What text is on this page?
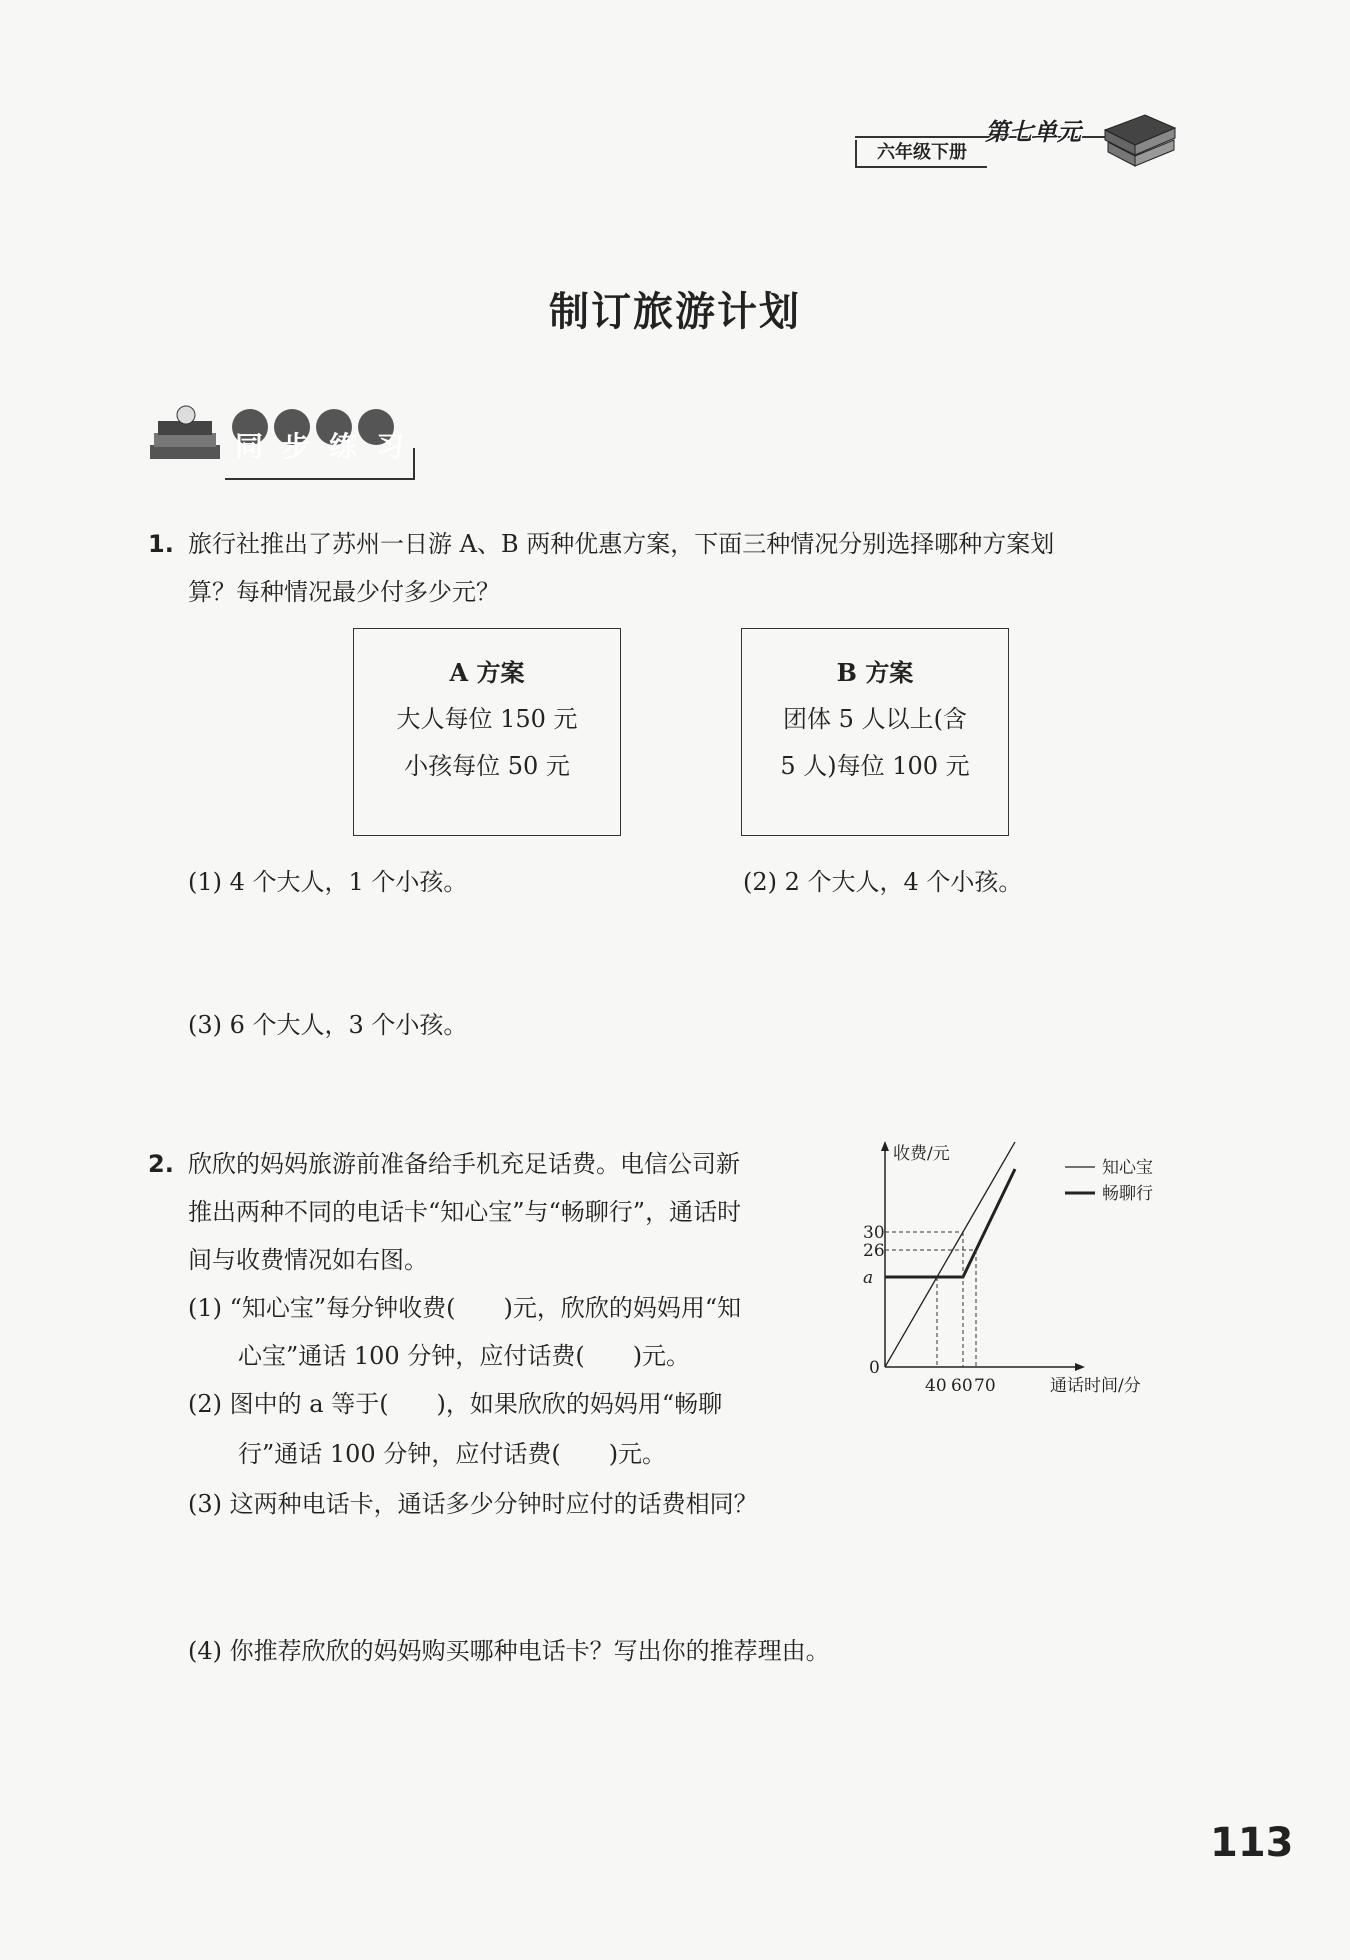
六年级下册
第七单元
制订旅游计划
同步练习
1. 旅行社推出了苏州一日游 A、B 两种优惠方案，下面三种情况分别选择哪种方案划
算？每种情况最少付多少元？
A 方案
大人每位 150 元
小孩每位 50 元
B 方案
团体 5 人以上(含
5 人)每位 100 元
(1) 4 个大人，1 个小孩。	(2) 2 个大人，4 个小孩。
(3) 6 个大人，3 个小孩。
2. 欣欣的妈妈旅游前准备给手机充足话费。电信公司新
推出两种不同的电话卡“知心宝”与“畅聊行”，通话时
间与收费情况如右图。
(1) “知心宝”每分钟收费(　　)元，欣欣的妈妈用“知
心宝”通话 100 分钟，应付话费(　　)元。
(2) 图中的 a 等于(　　)，如果欣欣的妈妈用“畅聊
行”通话 100 分钟，应付话费(　　)元。
(3) 这两种电话卡，通话多少分钟时应付的话费相同？
(4) 你推荐欣欣的妈妈购买哪种电话卡？写出你的推荐理由。
收费/元
通话时间/分
0
a
26
30
40 60 70
知心宝
畅聊行
113
